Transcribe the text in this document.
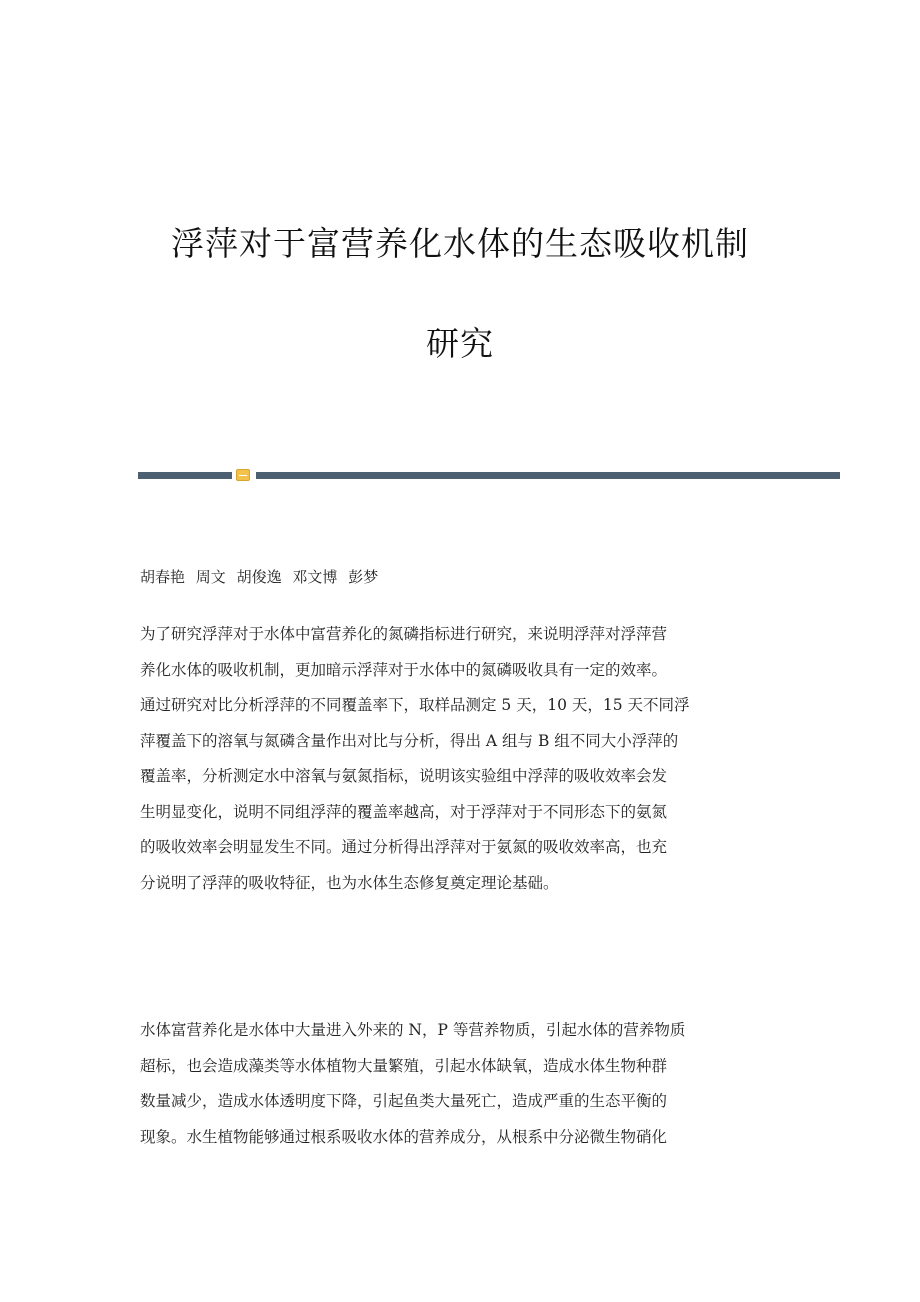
浮萍对于富营养化水体的生态吸收机制
研究
胡春艳 周文 胡俊逸 邓文博 彭梦

为了研究浮萍对于水体中富营养化的氮磷指标进行研究，来说明浮萍对浮萍营
养化水体的吸收机制，更加暗示浮萍对于水体中的氮磷吸收具有一定的效率。
通过研究对比分析浮萍的不同覆盖率下，取样品测定 5 天，10 天，15 天不同浮
萍覆盖下的溶氧与氮磷含量作出对比与分析，得出 A 组与 B 组不同大小浮萍的
覆盖率，分析测定水中溶氧与氨氮指标，说明该实验组中浮萍的吸收效率会发
生明显变化，说明不同组浮萍的覆盖率越高，对于浮萍对于不同形态下的氨氮
的吸收效率会明显发生不同。通过分析得出浮萍对于氨氮的吸收效率高，也充
分说明了浮萍的吸收特征，也为水体生态修复奠定理论基础。

水体富营养化是水体中大量进入外来的 N，P 等营养物质，引起水体的营养物质
超标，也会造成藻类等水体植物大量繁殖，引起水体缺氧，造成水体生物种群
数量减少，造成水体透明度下降，引起鱼类大量死亡，造成严重的生态平衡的
现象。水生植物能够通过根系吸收水体的营养成分，从根系中分泌微生物硝化
